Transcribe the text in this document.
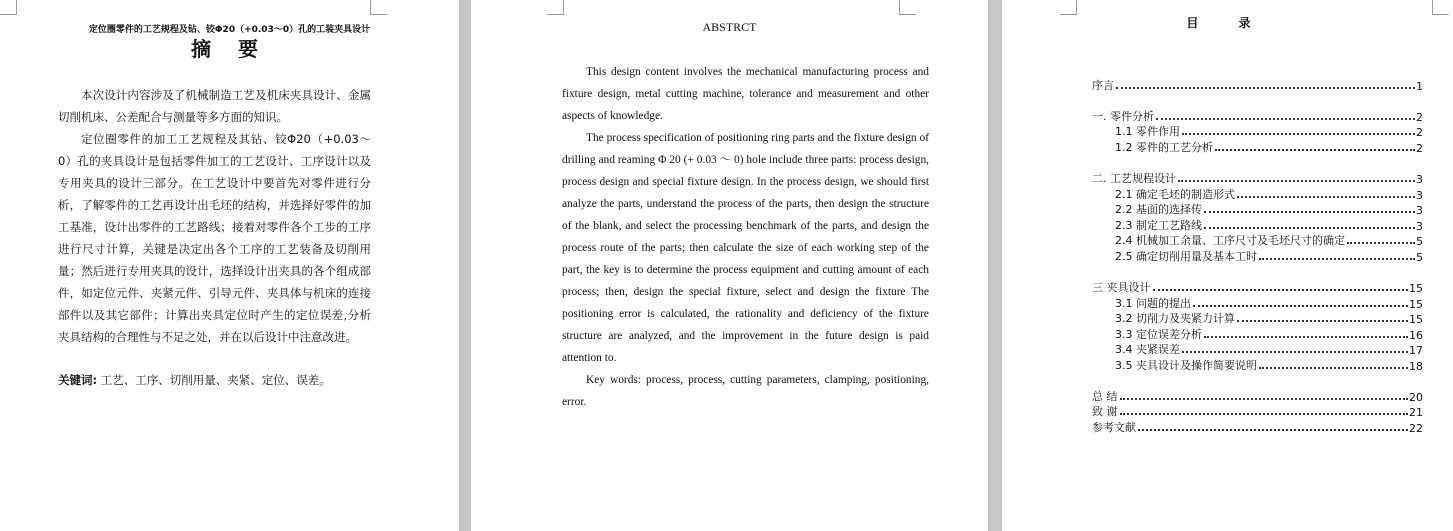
定位圈零件的工艺规程及钻、铰Φ20（+0.03～0）孔的工装夹具设计
摘 要

本次设计内容涉及了机械制造工艺及机床夹具设计、金属切削机床、公差配合与测量等多方面的知识。

定位圈零件的加工工艺规程及其钻、铰Φ20（+0.03～0）孔的夹具设计是包括零件加工的工艺设计、工序设计以及专用夹具的设计三部分。在工艺设计中要首先对零件进行分析，了解零件的工艺再设计出毛坯的结构，并选择好零件的加工基准，设计出零件的工艺路线；接着对零件各个工步的工序进行尺寸计算，关键是决定出各个工序的工艺装备及切削用量；然后进行专用夹具的设计，选择设计出夹具的各个组成部件，如定位元件、夹紧元件、引导元件、夹具体与机床的连接部件以及其它部件；计算出夹具定位时产生的定位误差,分析夹具结构的合理性与不足之处，并在以后设计中注意改进。

关键词: 工艺、工序、切削用量、夹紧、定位、误差。
ABSTRCT

This design content involves the mechanical manufacturing process and fixture design, metal cutting machine, tolerance and measurement and other aspects of knowledge.

The process specification of positioning ring parts and the fixture design of drilling and reaming Φ 20 (+ 0.03 ～ 0) hole include three parts: process design, process design and special fixture design. In the process design, we should first analyze the parts, understand the process of the parts, then design the structure of the blank, and select the processing benchmark of the parts, and design the process route of the parts; then calculate the size of each working step of the part, the key is to determine the process equipment and cutting amount of each process; then, design the special fixture, select and design the fixture The positioning error is calculated, the rationality and deficiency of the fixture structure are analyzed, and the improvement in the future design is paid attention to.

Key words: process, process, cutting parameters, clamping, positioning, error.

目 录
序言	1
一. 零件分析	2
1.1 零件作用	2
1.2 零件的工艺分析	2
二. 工艺规程设计	3
2.1 确定毛坯的制造形式	3
2.2 基面的选择传	3
2.3 制定工艺路线	3
2.4 机械加工余量、工序尺寸及毛坯尺寸的确定	5
2.5 确定切削用量及基本工时	5
三 夹具设计	15
3.1 问题的提出	15
3.2 切削力及夹紧力计算	15
3.3 定位误差分析	16
3.4 夹紧误差	17
3.5 夹具设计及操作简要说明	18
总 结	20
致 谢	21
参考文献	22
